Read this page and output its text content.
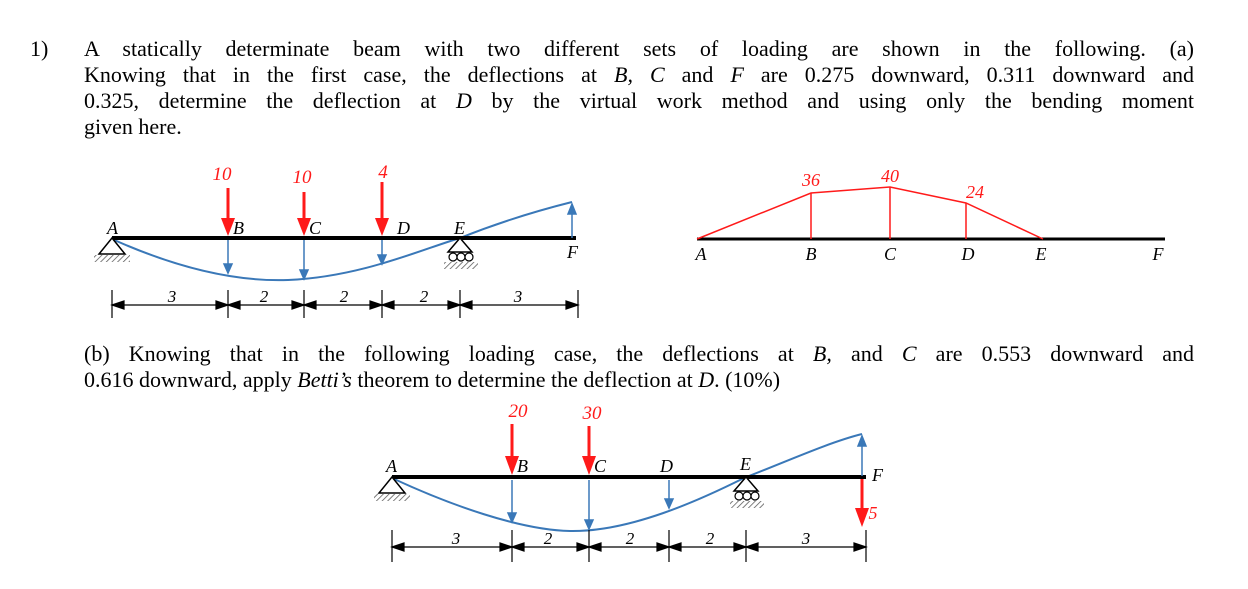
1) A statically determinate beam with two different sets of loading are shown in the following. (a)
Knowing that in the first case, the deflections at B, C and F are 0.275 downward, 0.311 downward and
0.325, determine the deflection at D by the virtual work method and using only the bending moment
given here.
(b) Knowing that in the following loading case, the deflections at B, and C are 0.553 downward and
0.616 downward, apply Betti’s theorem to determine the deflection at D. (10%)
10	10	4
A	B	C	D E
F
3	2	2	2	3
36	40
24
A	B	C	D	E	F
20	30
5
A	B	C	D	E
F
3	2	2	2	3
